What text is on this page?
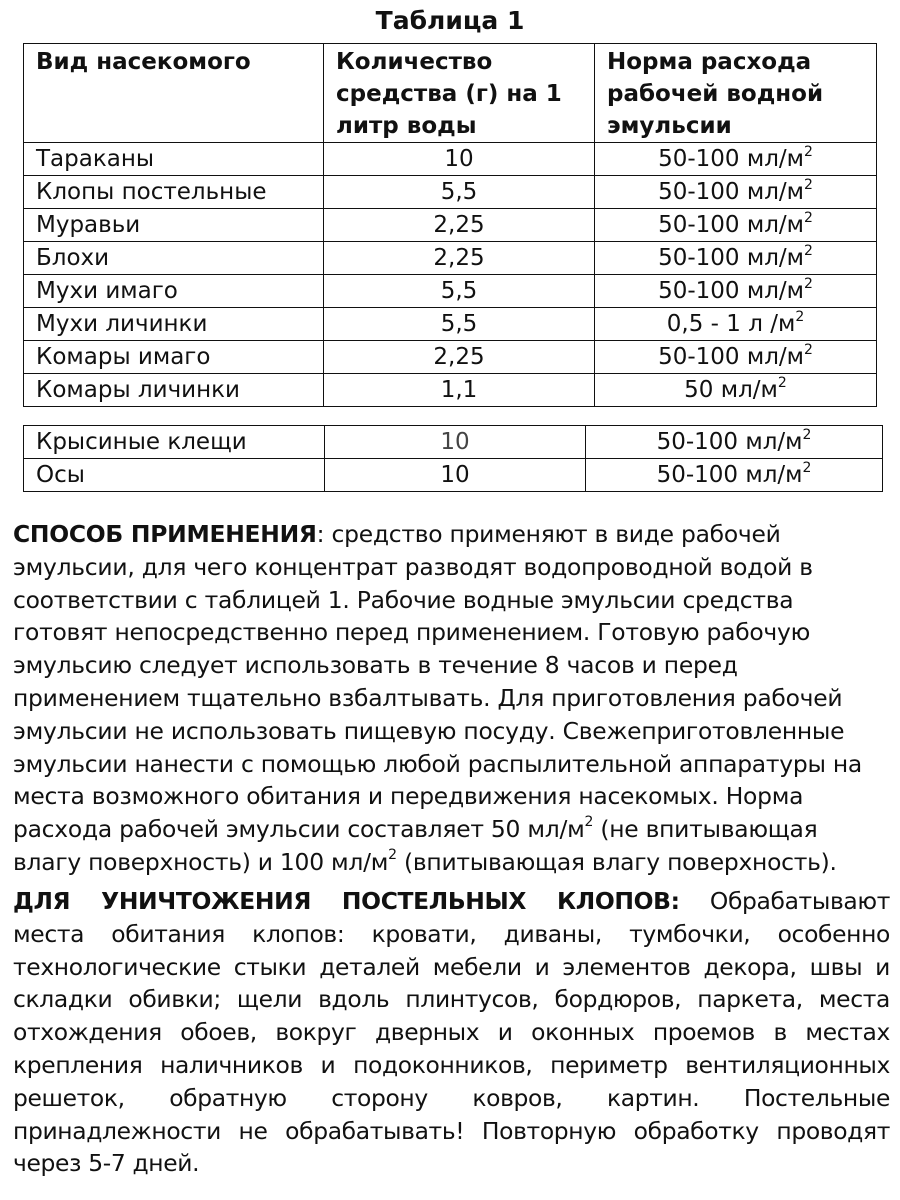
Таблица 1
Вид насекомого	Количество средства (г) на 1 литр воды	Норма расхода рабочей водной эмульсии
Тараканы	10	50-100 $мл/м^2$
Клопы постельные	5,5	50-100 $мл/м^2$
Муравьи	2,25	50-100 $мл/м^2$
Блохи	2,25	50-100 $мл/м^2$
Мухи имаго	5,5	50-100 $мл/м^2$
Мухи личинки	5,5	0,5 - 1 л $/м^2$
Комары имаго	2,25	50-100 $мл/м^2$
Комары личинки	1,1	50 $мл/м^2$
Крысиные клещи	10	50-100 $мл/м^2$
Осы	10	50-100 $мл/м^2$
СПОСОБ ПРИМЕНЕНИЯ: средство применяют в виде рабочей
эмульсии, для чего концентрат разводят водопроводной водой в
соответствии с таблицей 1. Рабочие водные эмульсии средства
готовят непосредственно перед применением. Готовую рабочую
эмульсию следует использовать в течение 8 часов и перед
применением тщательно взбалтывать. Для приготовления рабочей
эмульсии не использовать пищевую посуду. Свежеприготовленные
эмульсии нанести с помощью любой распылительной аппаратуры на
места возможного обитания и передвижения насекомых. Норма
расхода рабочей эмульсии составляет 50 $мл/м^2$ (не впитывающая
влагу поверхность) и 100 $мл/м^2$ (впитывающая влагу поверхность).
ДЛЯ УНИЧТОЖЕНИЯ ПОСТЕЛЬНЫХ КЛОПОВ: Обрабатывают
места обитания клопов: кровати, диваны, тумбочки, особенно
технологические стыки деталей мебели и элементов декора, швы и
складки обивки; щели вдоль плинтусов, бордюров, паркета, места
отхождения обоев, вокруг дверных и оконных проемов в местах
крепления наличников и подоконников, периметр вентиляционных
решеток, обратную сторону ковров, картин. Постельные
принадлежности не обрабатывать! Повторную обработку проводят
через 5-7 дней.
